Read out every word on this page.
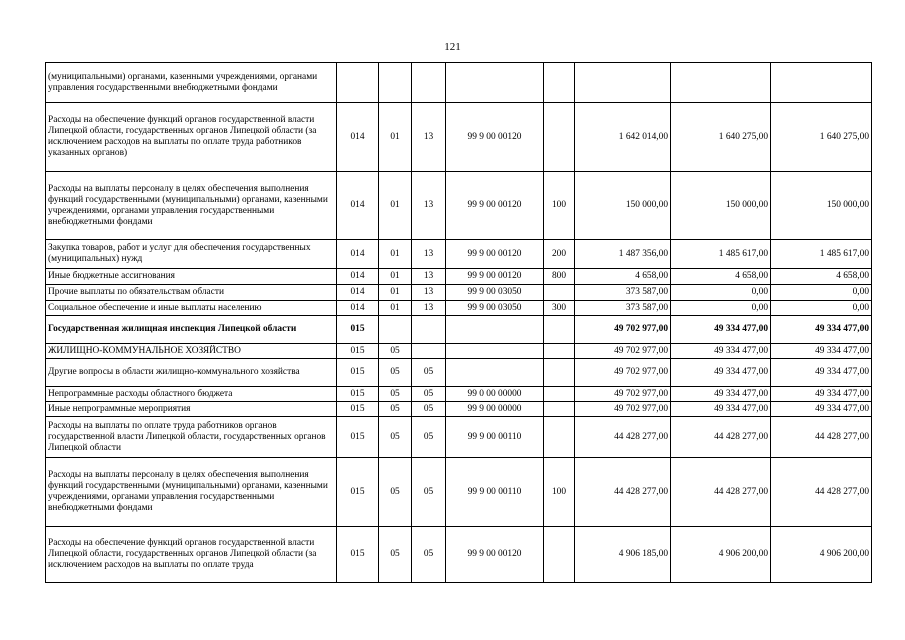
121
(муниципальными) органами, казенными учреждениями, органами управления государственными внебюджетными фондами								
Расходы на обеспечение функций органов государственной власти Липецкой области, государственных органов Липецкой области (за исключением расходов на выплаты по оплате труда работников указанных органов)	014	01	13	99 9 00 00120		1 642 014,00	1 640 275,00	1 640 275,00
Расходы на выплаты персоналу в целях обеспечения выполнения функций государственными (муниципальными) органами, казенными учреждениями, органами управления государственными внебюджетными фондами	014	01	13	99 9 00 00120	100	150 000,00	150 000,00	150 000,00
Закупка товаров, работ и услуг для обеспечения государственных (муниципальных) нужд	014	01	13	99 9 00 00120	200	1 487 356,00	1 485 617,00	1 485 617,00
Иные бюджетные ассигнования	014	01	13	99 9 00 00120	800	4 658,00	4 658,00	4 658,00
Прочие выплаты по обязательствам области	014	01	13	99 9 00 03050		373 587,00	0,00	0,00
Социальное обеспечение и иные выплаты населению	014	01	13	99 9 00 03050	300	373 587,00	0,00	0,00
Государственная жилищная инспекция Липецкой области	015					49 702 977,00	49 334 477,00	49 334 477,00
ЖИЛИЩНО-КОММУНАЛЬНОЕ ХОЗЯЙСТВО	015	05				49 702 977,00	49 334 477,00	49 334 477,00
Другие вопросы в области жилищно-коммунального хозяйства	015	05	05			49 702 977,00	49 334 477,00	49 334 477,00
Непрограммные расходы областного бюджета	015	05	05	99 0 00 00000		49 702 977,00	49 334 477,00	49 334 477,00
Иные непрограммные мероприятия	015	05	05	99 9 00 00000		49 702 977,00	49 334 477,00	49 334 477,00
Расходы на выплаты по оплате труда работников органов государственной власти Липецкой области, государственных органов Липецкой области	015	05	05	99 9 00 00110		44 428 277,00	44 428 277,00	44 428 277,00
Расходы на выплаты персоналу в целях обеспечения выполнения функций государственными (муниципальными) органами, казенными учреждениями, органами управления государственными внебюджетными фондами	015	05	05	99 9 00 00110	100	44 428 277,00	44 428 277,00	44 428 277,00
Расходы на обеспечение функций органов государственной власти Липецкой области, государственных органов Липецкой области (за исключением расходов на выплаты по оплате труда	015	05	05	99 9 00 00120		4 906 185,00	4 906 200,00	4 906 200,00
